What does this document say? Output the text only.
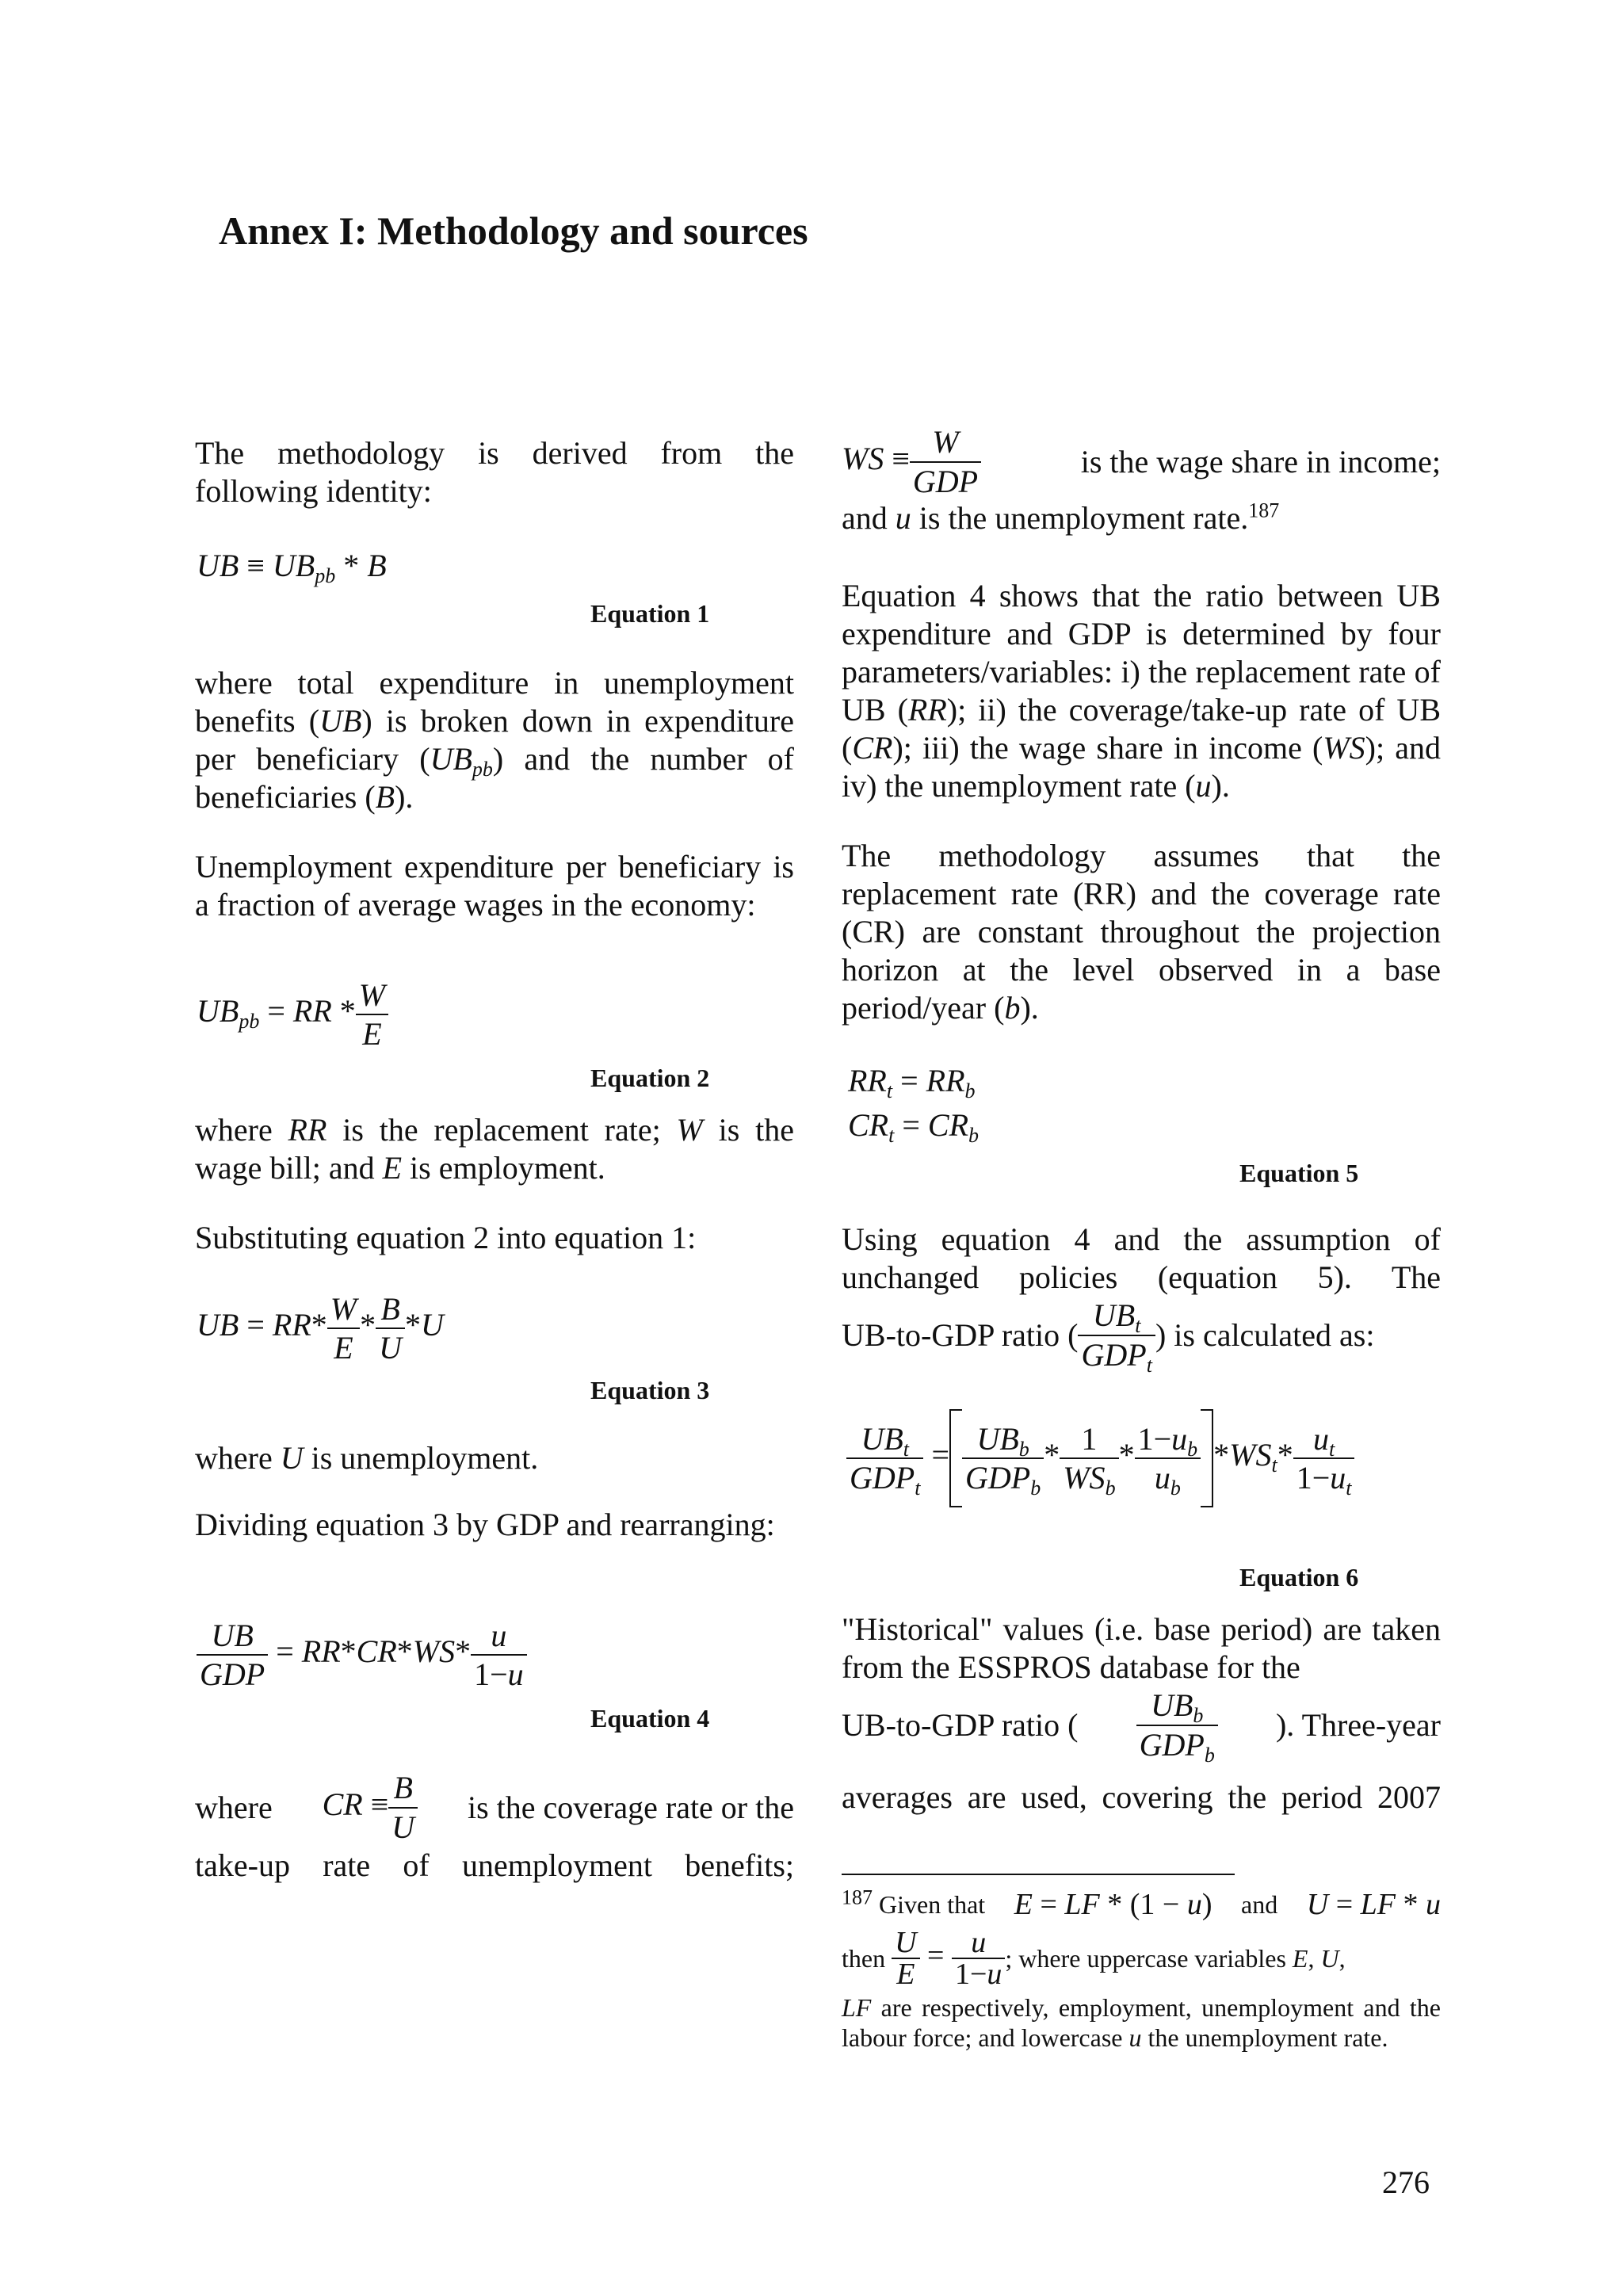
Annex I: Methodology and sources

The methodology is derived from the following identity:

UB ≡ $UB_{pb}$ * B
Equation 1

where total expenditure in unemployment benefits (UB) is broken down in expenditure per beneficiary $(UB_{pb})$ and the number of beneficiaries (B).

Unemployment expenditure per beneficiary is a fraction of average wages in the economy:

$UB_{pb}$ = RR * $\frac{W}{E}$
Equation 2

where RR is the replacement rate; W is the wage bill; and E is employment.

Substituting equation 2 into equation 1:

UB = $RR* \frac{W}{E} * \frac{B}{U} *U$
Equation 3

where U is unemployment.

Dividing equation 3 by GDP and rearranging:

$\frac{UB}{\text{GDP}} = RR*CR*WS* \frac{u}{1-u}$
Equation 4

where CR ≡ $\frac{B}{U}$ is the coverage rate or the

take-up rate of unemployment benefits;

WS ≡ $\frac{W}{\text{GDP}}$	is the wage share in income;

and u is the unemployment rate.$^{187}$

Equation 4 shows that the ratio between UB expenditure and GDP is determined by four parameters/variables: i) the replacement rate of UB (RR); ii) the coverage/take-up rate of UB (CR); iii) the wage share in income (WS); and iv) the unemployment rate (u).

The methodology assumes that the replacement rate (RR) and the coverage rate (CR) are constant throughout the projection horizon at the level observed in a base period/year (b).

$RR_t = RR_b$
$CR_t = CR_b$
Equation 5

Using equation 4 and the assumption of unchanged policies (equation 5). The

UB-to-GDP ratio ( $\frac{UB_t}{GDP_t}$ ) is calculated as:

$\frac{UB_t}{GDP_t} = \frac{UB_b}{GDP_b} * \frac{1}{WS_b} * \frac{1-u_b}{u_b} *WS_t* \frac{u_t}{1-u_t}$
Equation 6

"Historical" values (i.e. base period) are taken from the ESSPROS database for the

UB-to-GDP ratio ( $\frac{UB_b}{GDP_b}$ ). Three-year

averages are used, covering the period 2007

$^{187}$ Given that E = LF * (1 − u) and U = LF * u
then
$\frac{U}{E} = \frac{u}{1-u}$ ; where uppercase variables E, U,
LF are respectively, employment, unemployment and the labour force; and lowercase u the unemployment rate.
276
